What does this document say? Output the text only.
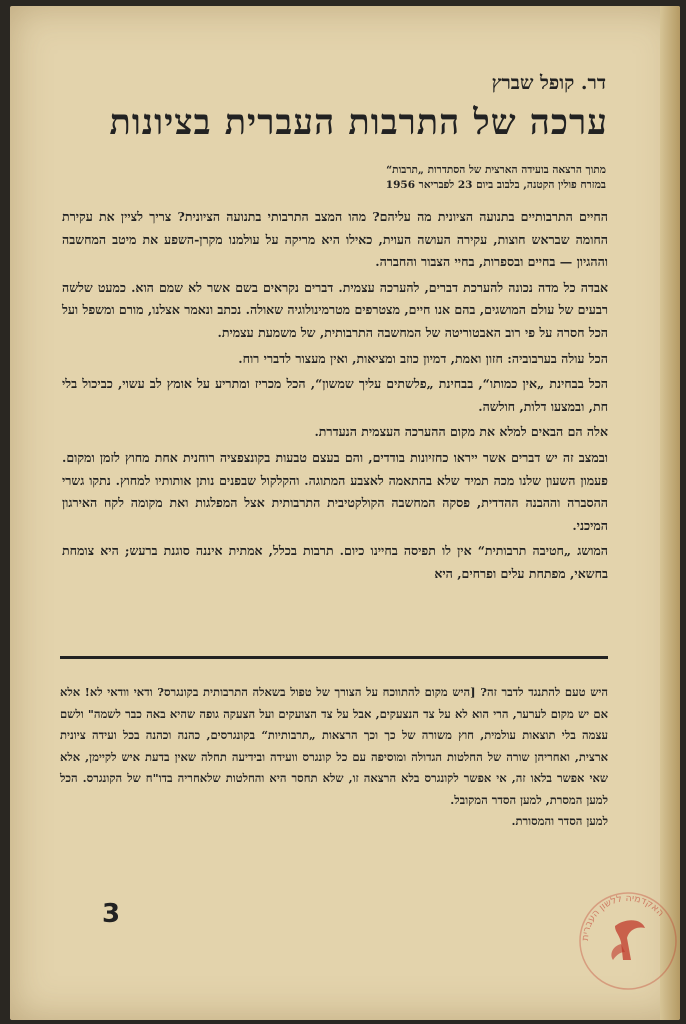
דר. קופל שברץ
ערכה של התרבות העברית בציונות
מתוך הרצאה בועידה הארצית של הסתדרות „תרבות“
במזרח פולין הקטנה, בלבוב ביום 23 לפבריאר 1956

החיים התרבותיים בתנועה הציונית מה עליהם? מהו המצב התרבותי בתנועה הציונית? צריך לציין את עקירת החומה שבראש חוצות, עקירה העושה העוית, כאילו היא מריקה על עולמנו מקרן-השפע את מיטב המחשבה וההגיון — בחיים ובספרות, בחיי הצבור והחברה.

אבדה כל מדה נכונה להערכת דברים, להערכה עצמית. דברים נקראים בשם אשר לא שמם הוא. כמעט שלשה רבעים של עולם המושגים, בהם אנו חיים, מצטרפים מטרמינולוגיה שאולה. נכתב ונאמר אצלנו, מורם ומשפל ועל הכל חסרה על פי רוב האבטוריטה של המחשבה התרבותית, של משמעת עצמית.

הכל עולה בערבוביה: חזון ואמת, דמיון כוזב ומציאות, ואין מעצור לדברי רוח.

הכל בבחינת „אין כמותו“, בבחינת „פלשתים עליך שמשון“, הכל מכריז ומתריע על אומץ לב עשוי, כביכול בלי חת, ובמצעו דלות, חולשה.

אלה הם הבאים למלא את מקום ההערכה העצמית הנעדרת.

ובמצב זה יש דברים אשר ייראו כחזיונות בודדים, והם בעצם טבעות בקונצפציה רוחנית אחת מחוץ לזמן ומקום. פעמון השעון שלנו מכה תמיד שלא בהתאמה לאצבע המתוגה. והקלקול שבפנים נותן אותותיו למחוץ. נתקו גשרי ההסברה וההבנה ההדדית, פסקה המחשבה הקולקטיבית התרבותית אצל המפלגות ואת מקומה לקח האירגון המיכני.

המושג „חטיבה תרבותית“ אין לו תפיסה בחיינו כיום. תרבות בכלל, אמתית איננה סוגנת ברעש; היא צומחת בחשאי, מפתחת עלים ופרחים, היא

היש טעם להתנגד לדבר זה? [היש מקום להתווכח על הצורך של טפול בשאלה התרבותית בקונגרס? ודאי וודאי לא! אלא אם יש מקום לערער, הרי הוא לא על צד הנצעקים, אבל על צד הצועקים ועל הצעקה גופה שהיא באה כבר לשמה" ולשם עצמה בלי תוצאות עולמית, חוץ משורה של כך וכך הרצאות „תרבותיות“ בקונגרסים, כהנה וכהנה בכל ועידה ציונית ארצית, ואחריהן שורה של החלטות הגדולה ומוסיפה עם כל קונגרס וועידה ובידיעה תחלה שאין בדעת איש לקיימן, אלא שאי אפשר בלאו זה, אי אפשר לקונגרס בלא הרצאה זו, שלא תחסר היא והחלטות שלאחריה בדו"ח של הקונגרס. הכל למען המסרת, למען הסדר המקובל.

למען הסדר והמסורת.

3
האקדמיה ללשון העברית
